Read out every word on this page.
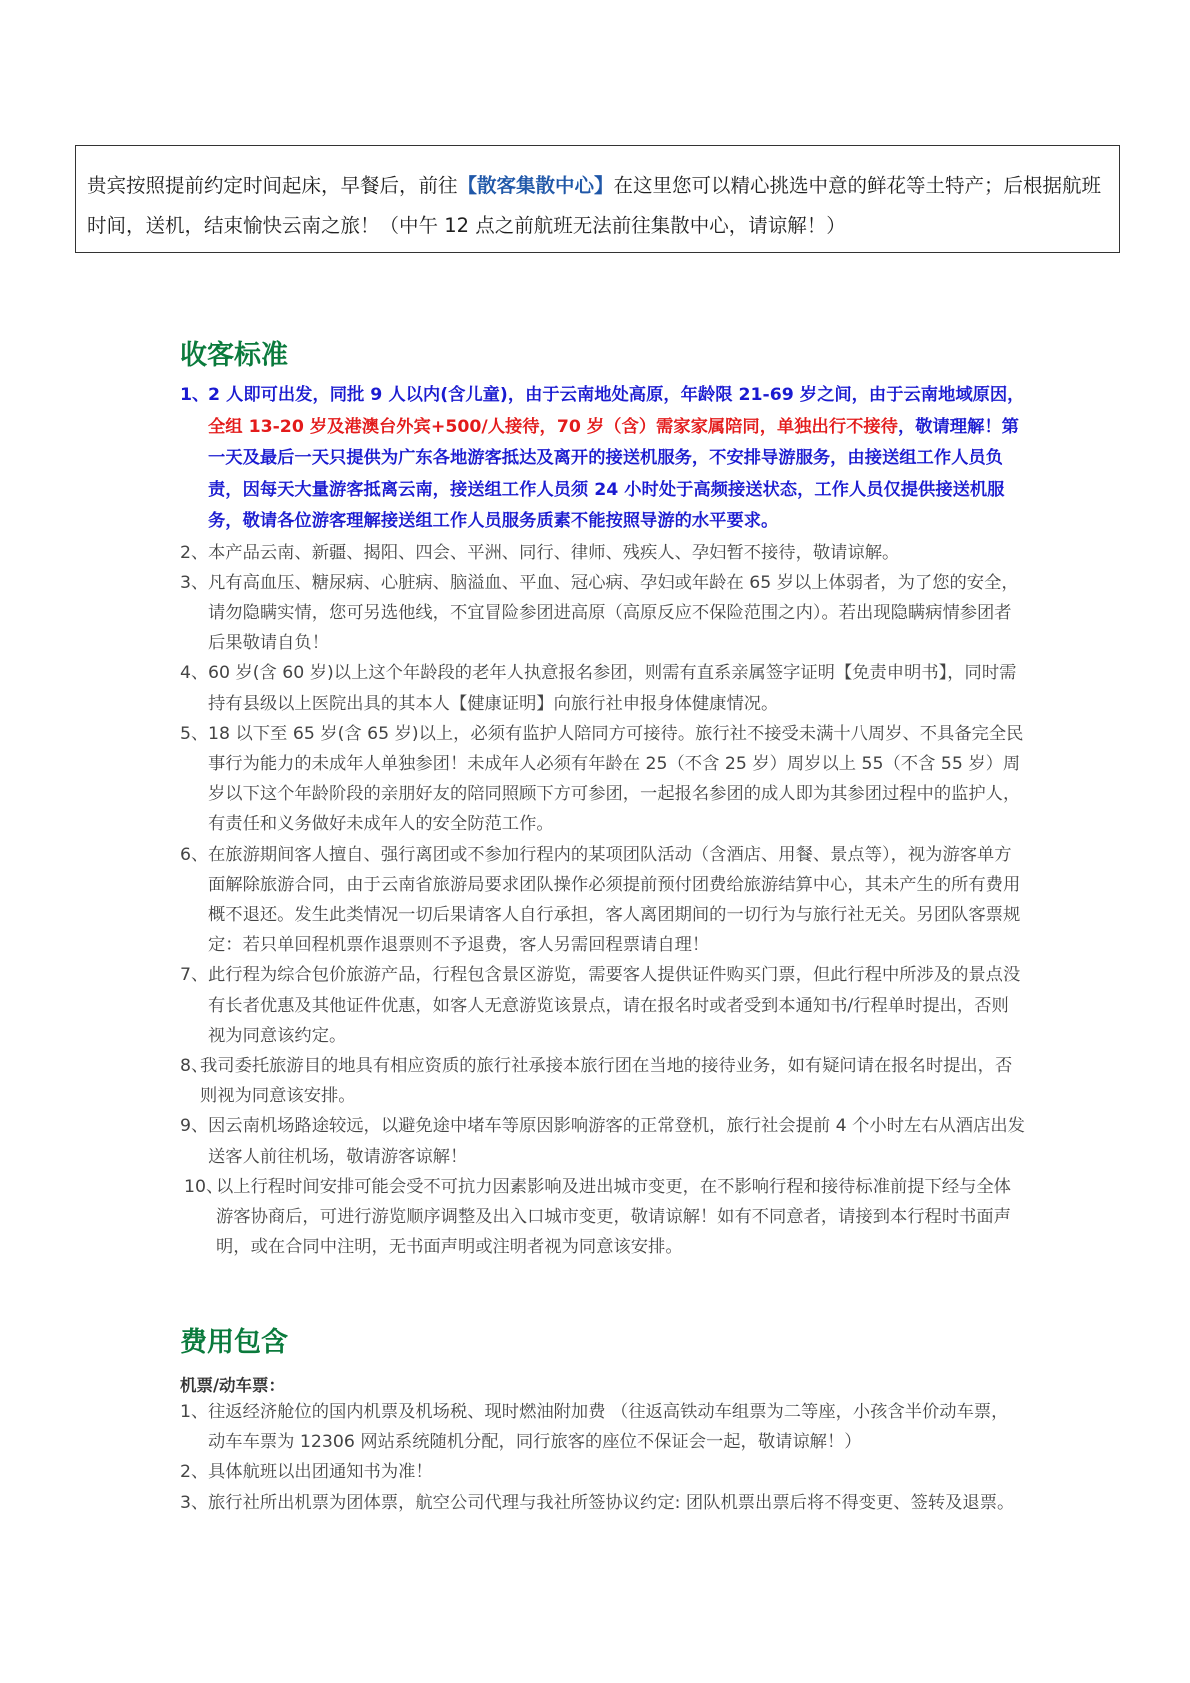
贵宾按照提前约定时间起床，早餐后，前往【散客集散中心】在这里您可以精心挑选中意的鲜花等土特产；后根据航班时间，送机，结束愉快云南之旅！（中午 12 点之前航班无法前往集散中心，请谅解！）
收客标准
1、
2 人即可出发，同批 9 人以内(含儿童)，由于云南地处高原，年龄限 21-69 岁之间，由于云南地域原因，全组 13-20 岁及港澳台外宾+500/人接待，70 岁（含）需家家属陪同，单独出行不接待，敬请理解！第一天及最后一天只提供为广东各地游客抵达及离开的接送机服务，不安排导游服务，由接送组工作人员负责，因每天大量游客抵离云南，接送组工作人员须 24 小时处于高频接送状态，工作人员仅提供接送机服务，敬请各位游客理解接送组工作人员服务质素不能按照导游的水平要求。
2、 本产品云南、新疆、揭阳、四会、平洲、同行、律师、残疾人、孕妇暂不接待，敬请谅解。
3、 凡有高血压、糖尿病、心脏病、脑溢血、平血、冠心病、孕妇或年龄在 65 岁以上体弱者，为了您的安全，请勿隐瞒实情，您可另选他线，不宜冒险参团进高原（高原反应不保险范围之内）。若出现隐瞒病情参团者后果敬请自负！
4、 60 岁(含 60 岁)以上这个年龄段的老年人执意报名参团，则需有直系亲属签字证明【免责申明书】，同时需持有县级以上医院出具的其本人【健康证明】向旅行社申报身体健康情况。
5、 18 以下至 65 岁(含 65 岁)以上，必须有监护人陪同方可接待。旅行社不接受未满十八周岁、不具备完全民事行为能力的未成年人单独参团！未成年人必须有年龄在 25（不含 25 岁）周岁以上 55（不含 55 岁）周岁以下这个年龄阶段的亲朋好友的陪同照顾下方可参团，一起报名参团的成人即为其参团过程中的监护人，有责任和义务做好未成年人的安全防范工作。
6、 在旅游期间客人擅自、强行离团或不参加行程内的某项团队活动（含酒店、用餐、景点等），视为游客单方面解除旅游合同，由于云南省旅游局要求团队操作必须提前预付团费给旅游结算中心，其未产生的所有费用概不退还。发生此类情况一切后果请客人自行承担，客人离团期间的一切行为与旅行社无关。另团队客票规定：若只单回程机票作退票则不予退费，客人另需回程票请自理！
7、 此行程为综合包价旅游产品，行程包含景区游览，需要客人提供证件购买门票，但此行程中所涉及的景点没有长者优惠及其他证件优惠，如客人无意游览该景点，请在报名时或者受到本通知书/行程单时提出，否则视为同意该约定。
8、
我司委托旅游目的地具有相应资质的旅行社承接本旅行团在当地的接待业务，如有疑问请在报名时提出，否则视为同意该安排。
9、 因云南机场路途较远，以避免途中堵车等原因影响游客的正常登机，旅行社会提前 4 个小时左右从酒店出发送客人前往机场，敬请游客谅解！
10、
以上行程时间安排可能会受不可抗力因素影响及进出城市变更，在不影响行程和接待标准前提下经与全体游客协商后，可进行游览顺序调整及出入口城市变更，敬请谅解！如有不同意者，请接到本行程时书面声明，或在合同中注明，无书面声明或注明者视为同意该安排。
费用包含
机票/动车票：
1、 往返经济舱位的国内机票及机场税、现时燃油附加费 （往返高铁动车组票为二等座，小孩含半价动车票，动车车票为 12306 网站系统随机分配，同行旅客的座位不保证会一起，敬请谅解！）
2、 具体航班以出团通知书为准！
3、 旅行社所出机票为团体票，航空公司代理与我社所签协议约定: 团队机票出票后将不得变更、签转及退票。
